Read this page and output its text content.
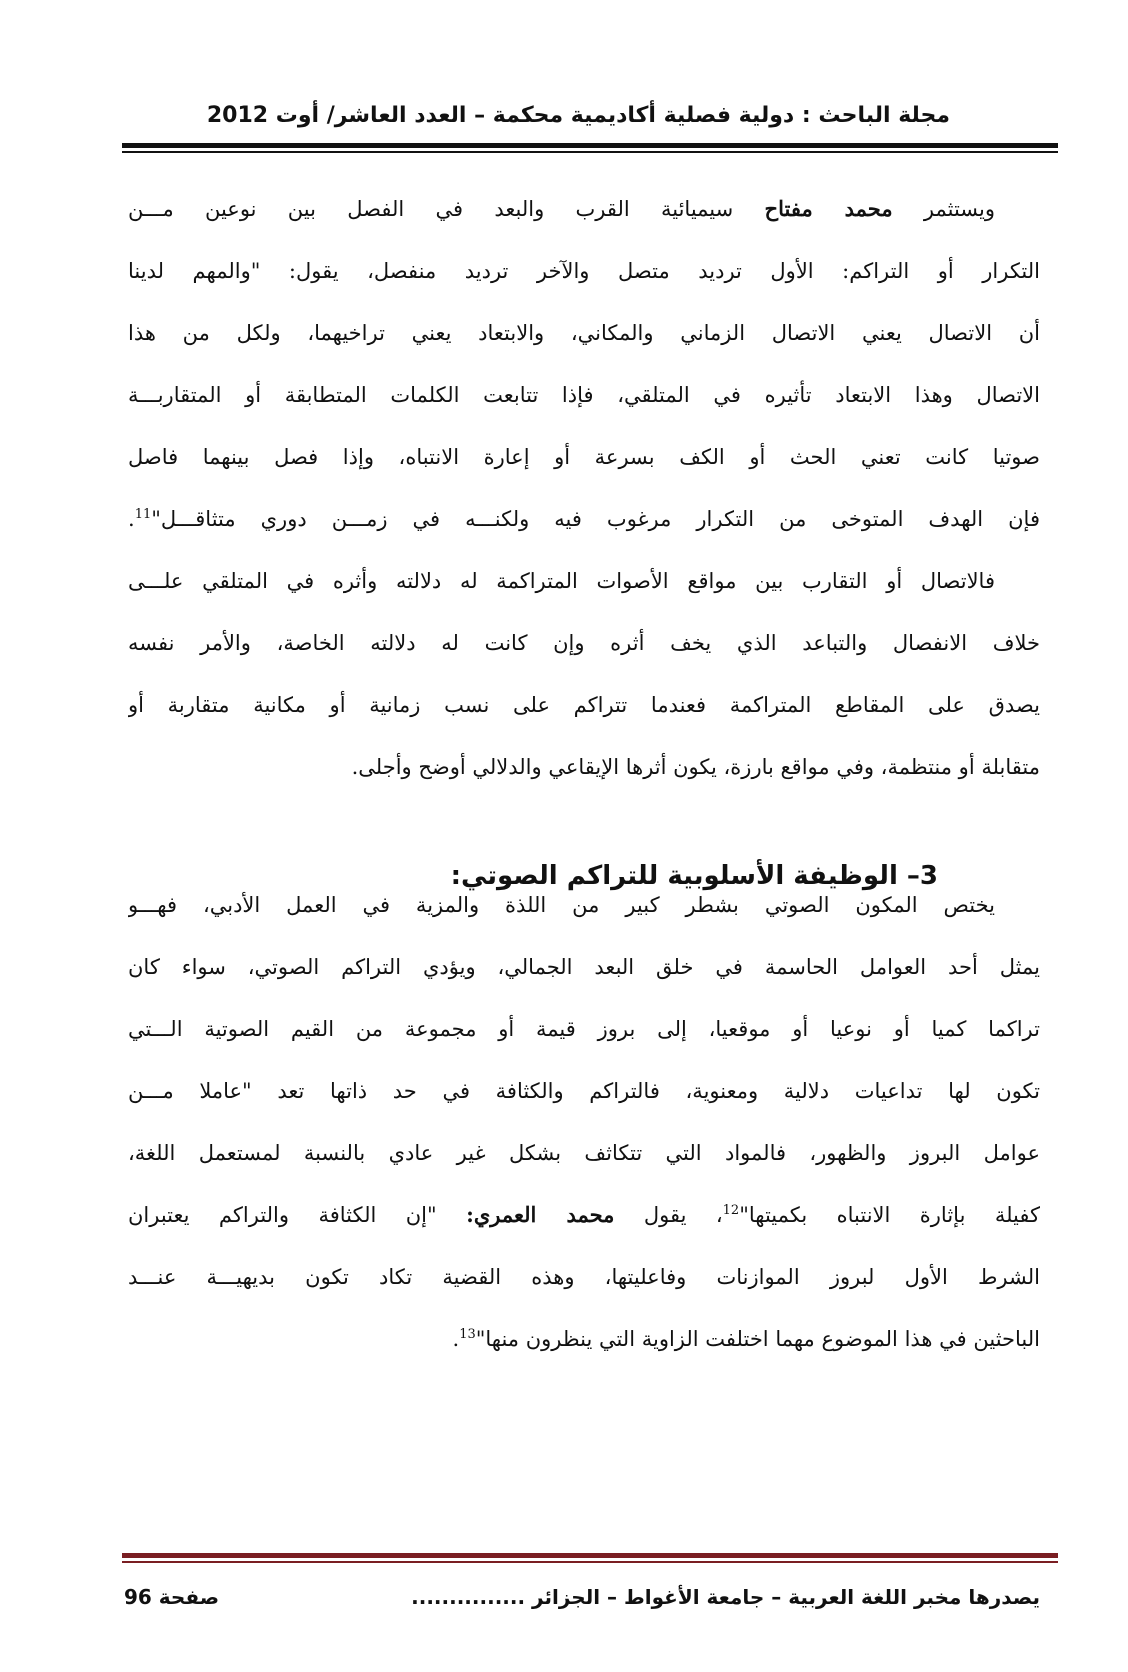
مجلة الباحث : دولية فصلية أكاديمية محكمة – العدد العاشر/ أوت 2012
ويستثمر محمد مفتاح سيميائية القرب والبعد في الفصل بين نوعين مـــن
التكرار أو التراكم: الأول ترديد متصل والآخر ترديد منفصل، يقول: "والمهم لدينا
أن الاتصال يعني الاتصال الزماني والمكاني، والابتعاد يعني تراخيهما، ولكل من هذا
الاتصال وهذا الابتعاد تأثيره في المتلقي، فإذا تتابعت الكلمات المتطابقة أو المتقاربـــة
صوتيا كانت تعني الحث أو الكف بسرعة أو إعارة الانتباه، وإذا فصل بينهما فاصل
فإن الهدف المتوخى من التكرار مرغوب فيه ولكنـــه في زمـــن دوري متثاقـــل"$^{11}$.
فالاتصال أو التقارب بين مواقع الأصوات المتراكمة له دلالته وأثره في المتلقي علـــى
خلاف الانفصال والتباعد الذي يخف أثره وإن كانت له دلالته الخاصة، والأمر نفسه
يصدق على المقاطع المتراكمة فعندما تتراكم على نسب زمانية أو مكانية متقاربة أو
متقابلة أو منتظمة، وفي مواقع بارزة، يكون أثرها الإيقاعي والدلالي أوضح وأجلى.
3– الوظيفة الأسلوبية للتراكم الصوتي:
يختص المكون الصوتي بشطر كبير من اللذة والمزية في العمل الأدبي، فهـــو
يمثل أحد العوامل الحاسمة في خلق البعد الجمالي، ويؤدي التراكم الصوتي، سواء كان
تراكما كميا أو نوعيا أو موقعيا، إلى بروز قيمة أو مجموعة من القيم الصوتية الـــتي
تكون لها تداعيات دلالية ومعنوية، فالتراكم والكثافة في حد ذاتها تعد "عاملا مـــن
عوامل البروز والظهور، فالمواد التي تتكاثف بشكل غير عادي بالنسبة لمستعمل اللغة،
كفيلة بإثارة الانتباه بكميتها"$^{12}$، يقول محمد العمري: "إن الكثافة والتراكم يعتبران
الشرط الأول لبروز الموازنات وفاعليتها، وهذه القضية تكاد تكون بديهيـــة عنـــد
الباحثين في هذا الموضوع مهما اختلفت الزاوية التي ينظرون منها"$^{13}$.
يصدرها مخبر اللغة العربية – جامعة الأغواط – الجزائر ...............
صفحة 96
